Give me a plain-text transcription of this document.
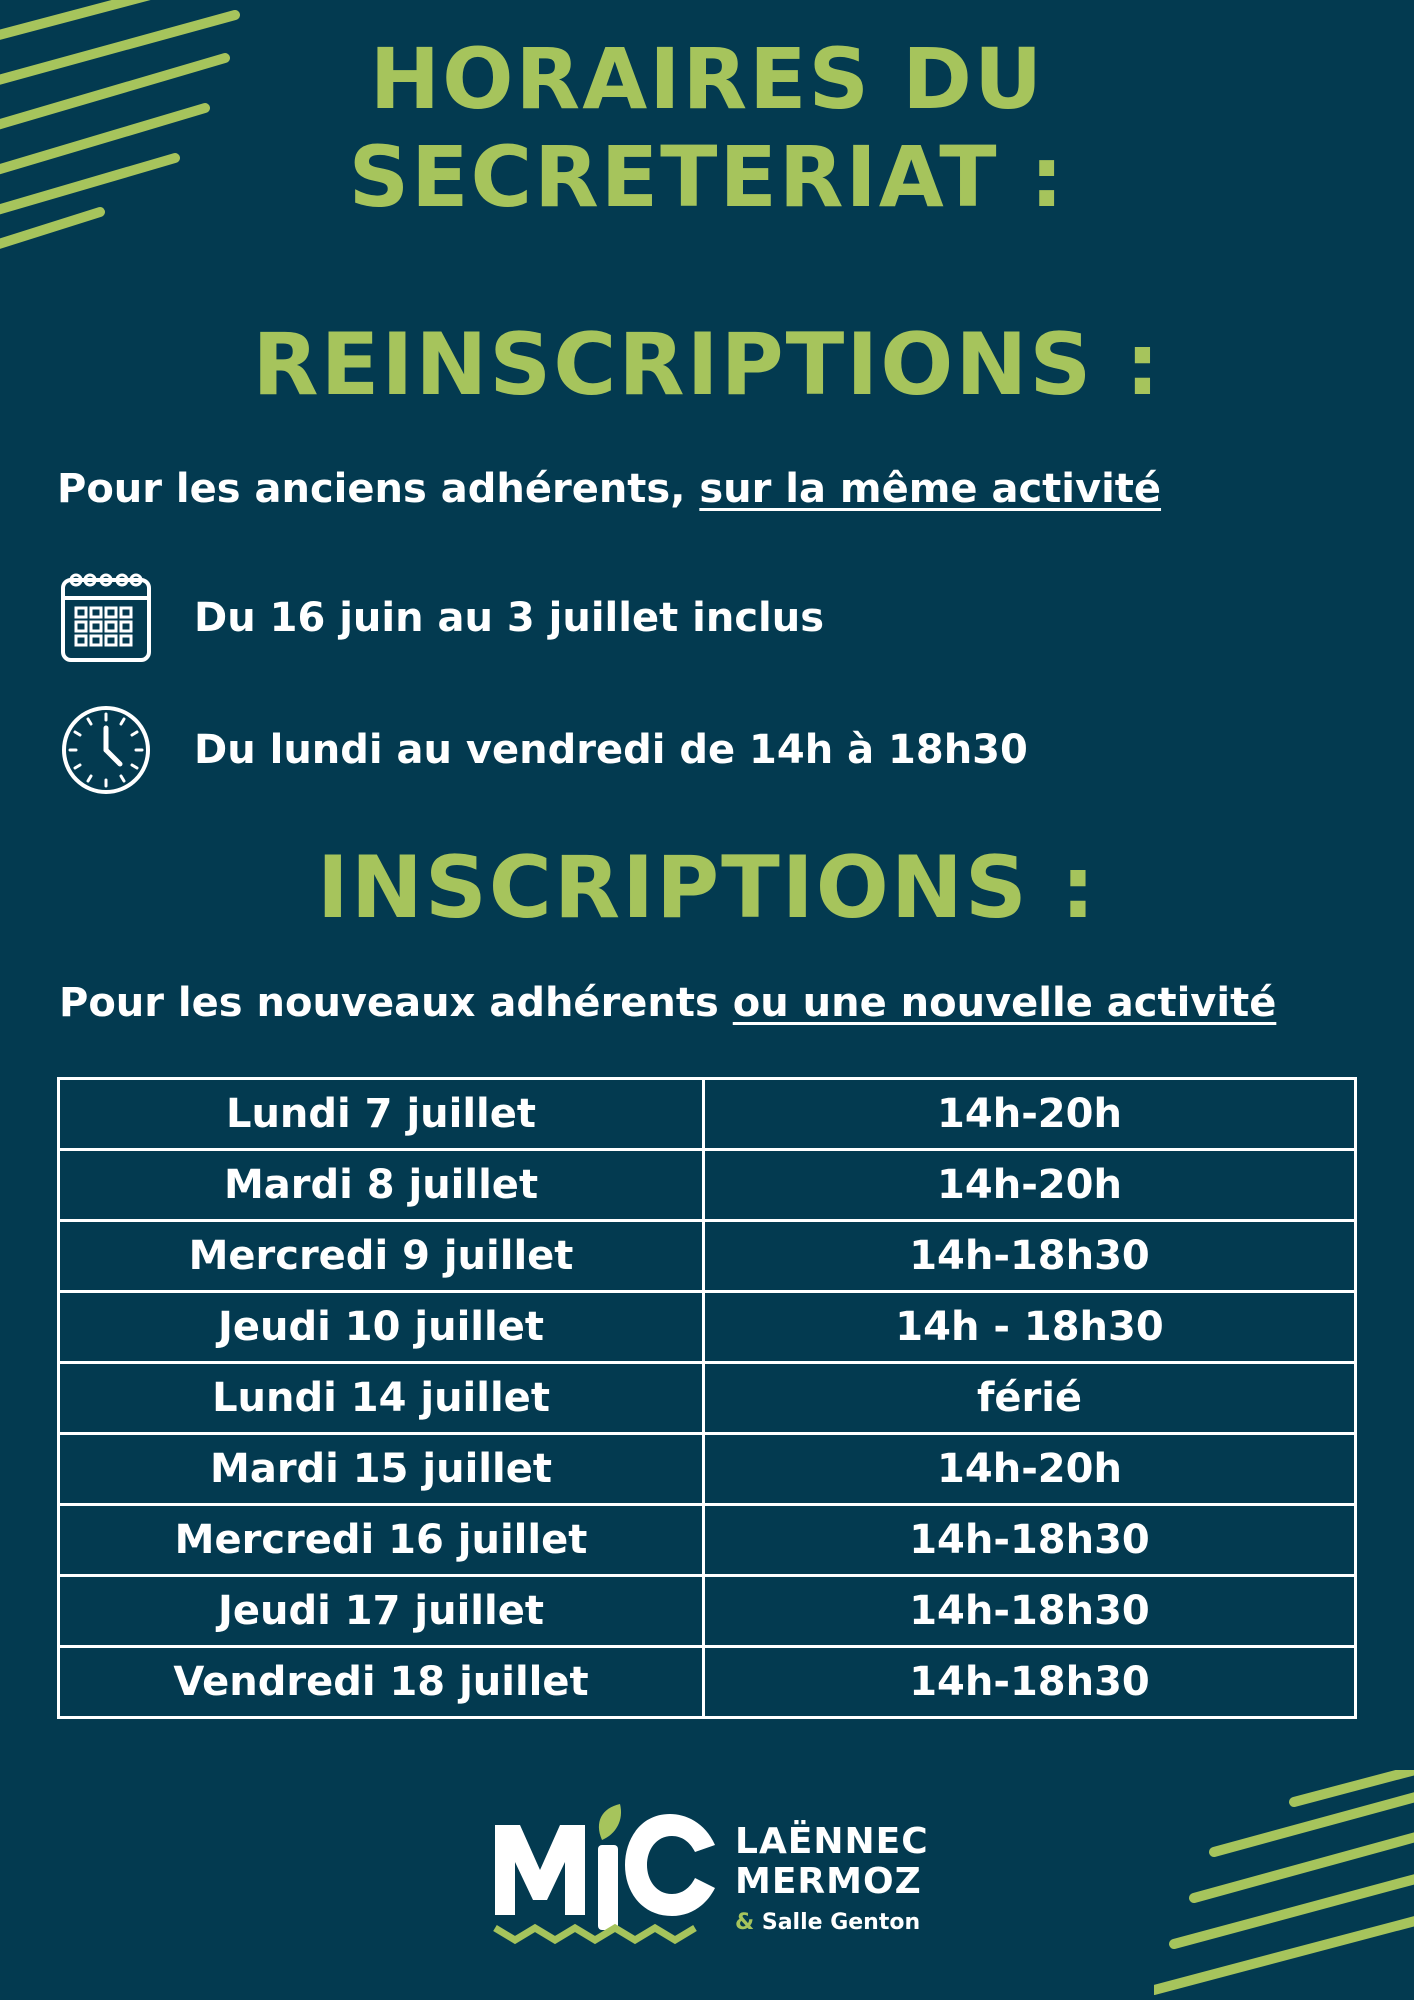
HORAIRES DU
SECRETERIAT :
REINSCRIPTIONS :
Pour les anciens adhérents, sur la même activité
Du 16 juin au 3 juillet inclus
Du lundi au vendredi de 14h à 18h30
INSCRIPTIONS :
Pour les nouveaux adhérents ou une nouvelle activité
Lundi 7 juillet	14h-20h
Mardi 8 juillet	14h-20h
Mercredi 9 juillet	14h-18h30
Jeudi 10 juillet	14h - 18h30
Lundi 14 juillet	férié
Mardi 15 juillet	14h-20h
Mercredi 16 juillet	14h-18h30
Jeudi 17 juillet	14h-18h30
Vendredi 18 juillet	14h-18h30
LAËNNEC
MERMOZ
& Salle Genton
